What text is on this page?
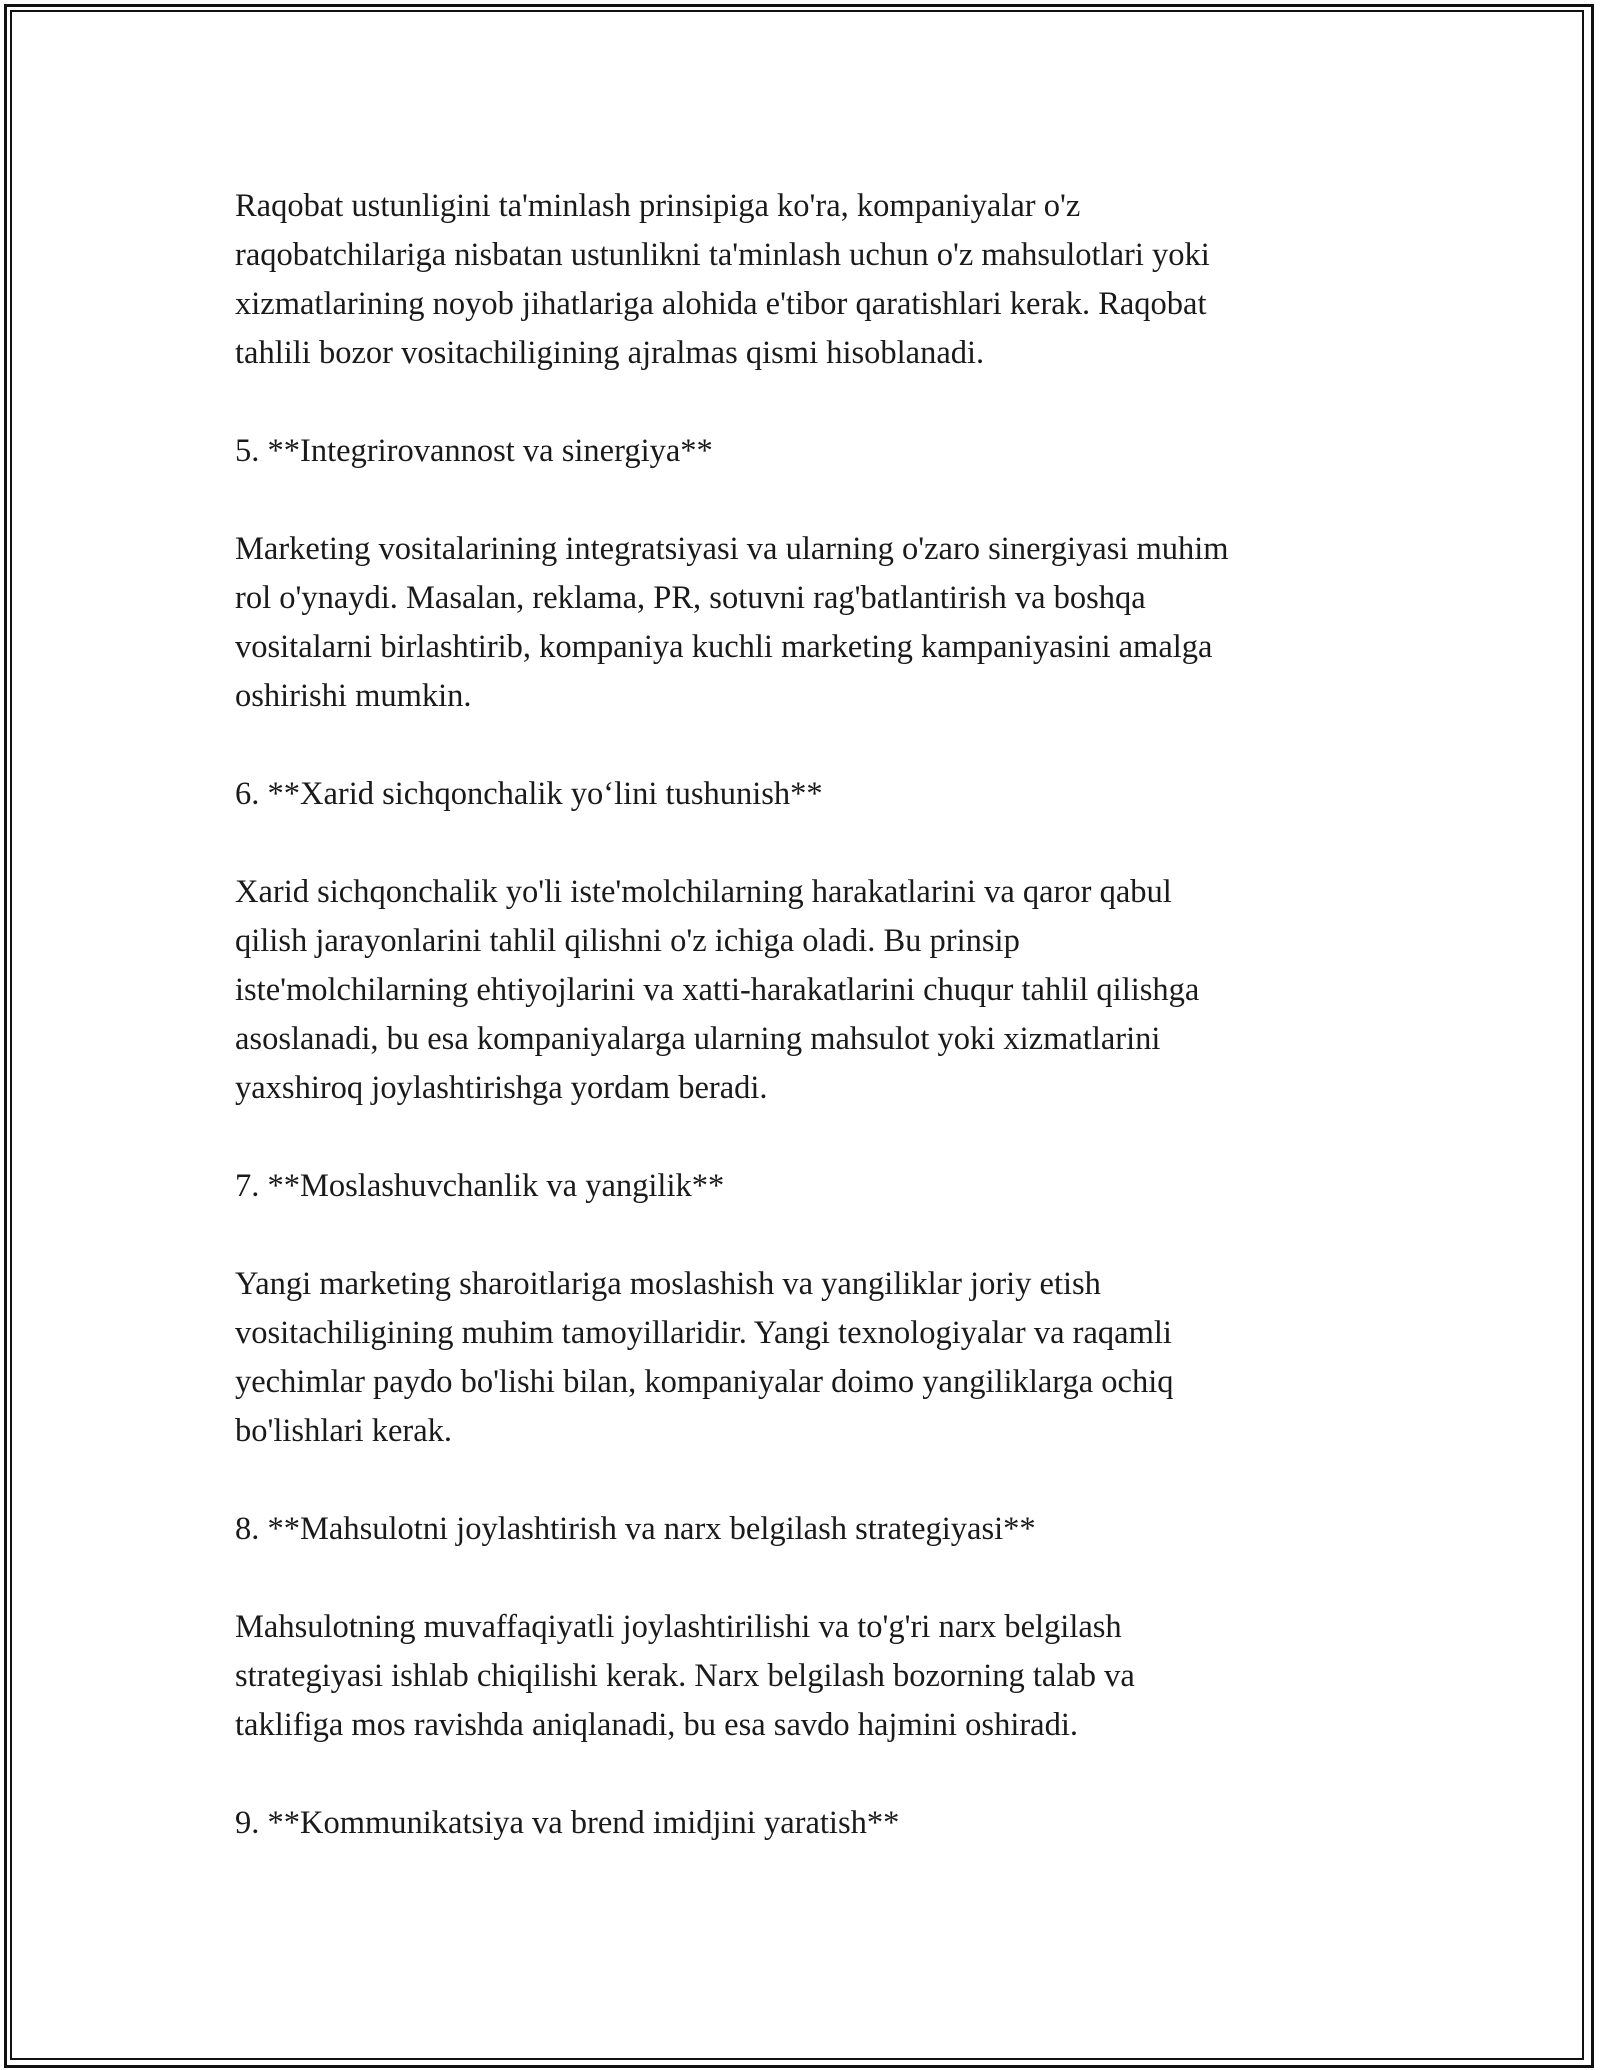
Raqobat ustunligini ta'minlash prinsipiga ko'ra, kompaniyalar o'z
raqobatchilariga nisbatan ustunlikni ta'minlash uchun o'z mahsulotlari yoki
xizmatlarining noyob jihatlariga alohida e'tibor qaratishlari kerak. Raqobat
tahlili bozor vositachiligining ajralmas qismi hisoblanadi.

5. **Integrirovannost va sinergiya**

Marketing vositalarining integratsiyasi va ularning o'zaro sinergiyasi muhim
rol o'ynaydi. Masalan, reklama, PR, sotuvni rag'batlantirish va boshqa
vositalarni birlashtirib, kompaniya kuchli marketing kampaniyasini amalga
oshirishi mumkin.

6. **Xarid sichqonchalik yo‘lini tushunish**

Xarid sichqonchalik yo'li iste'molchilarning harakatlarini va qaror qabul
qilish jarayonlarini tahlil qilishni o'z ichiga oladi. Bu prinsip
iste'molchilarning ehtiyojlarini va xatti-harakatlarini chuqur tahlil qilishga
asoslanadi, bu esa kompaniyalarga ularning mahsulot yoki xizmatlarini
yaxshiroq joylashtirishga yordam beradi.

7. **Moslashuvchanlik va yangilik**

Yangi marketing sharoitlariga moslashish va yangiliklar joriy etish
vositachiligining muhim tamoyillaridir. Yangi texnologiyalar va raqamli
yechimlar paydo bo'lishi bilan, kompaniyalar doimo yangiliklarga ochiq
bo'lishlari kerak.

8. **Mahsulotni joylashtirish va narx belgilash strategiyasi**

Mahsulotning muvaffaqiyatli joylashtirilishi va to'g'ri narx belgilash
strategiyasi ishlab chiqilishi kerak. Narx belgilash bozorning talab va
taklifiga mos ravishda aniqlanadi, bu esa savdo hajmini oshiradi.

9. **Kommunikatsiya va brend imidjini yaratish**
